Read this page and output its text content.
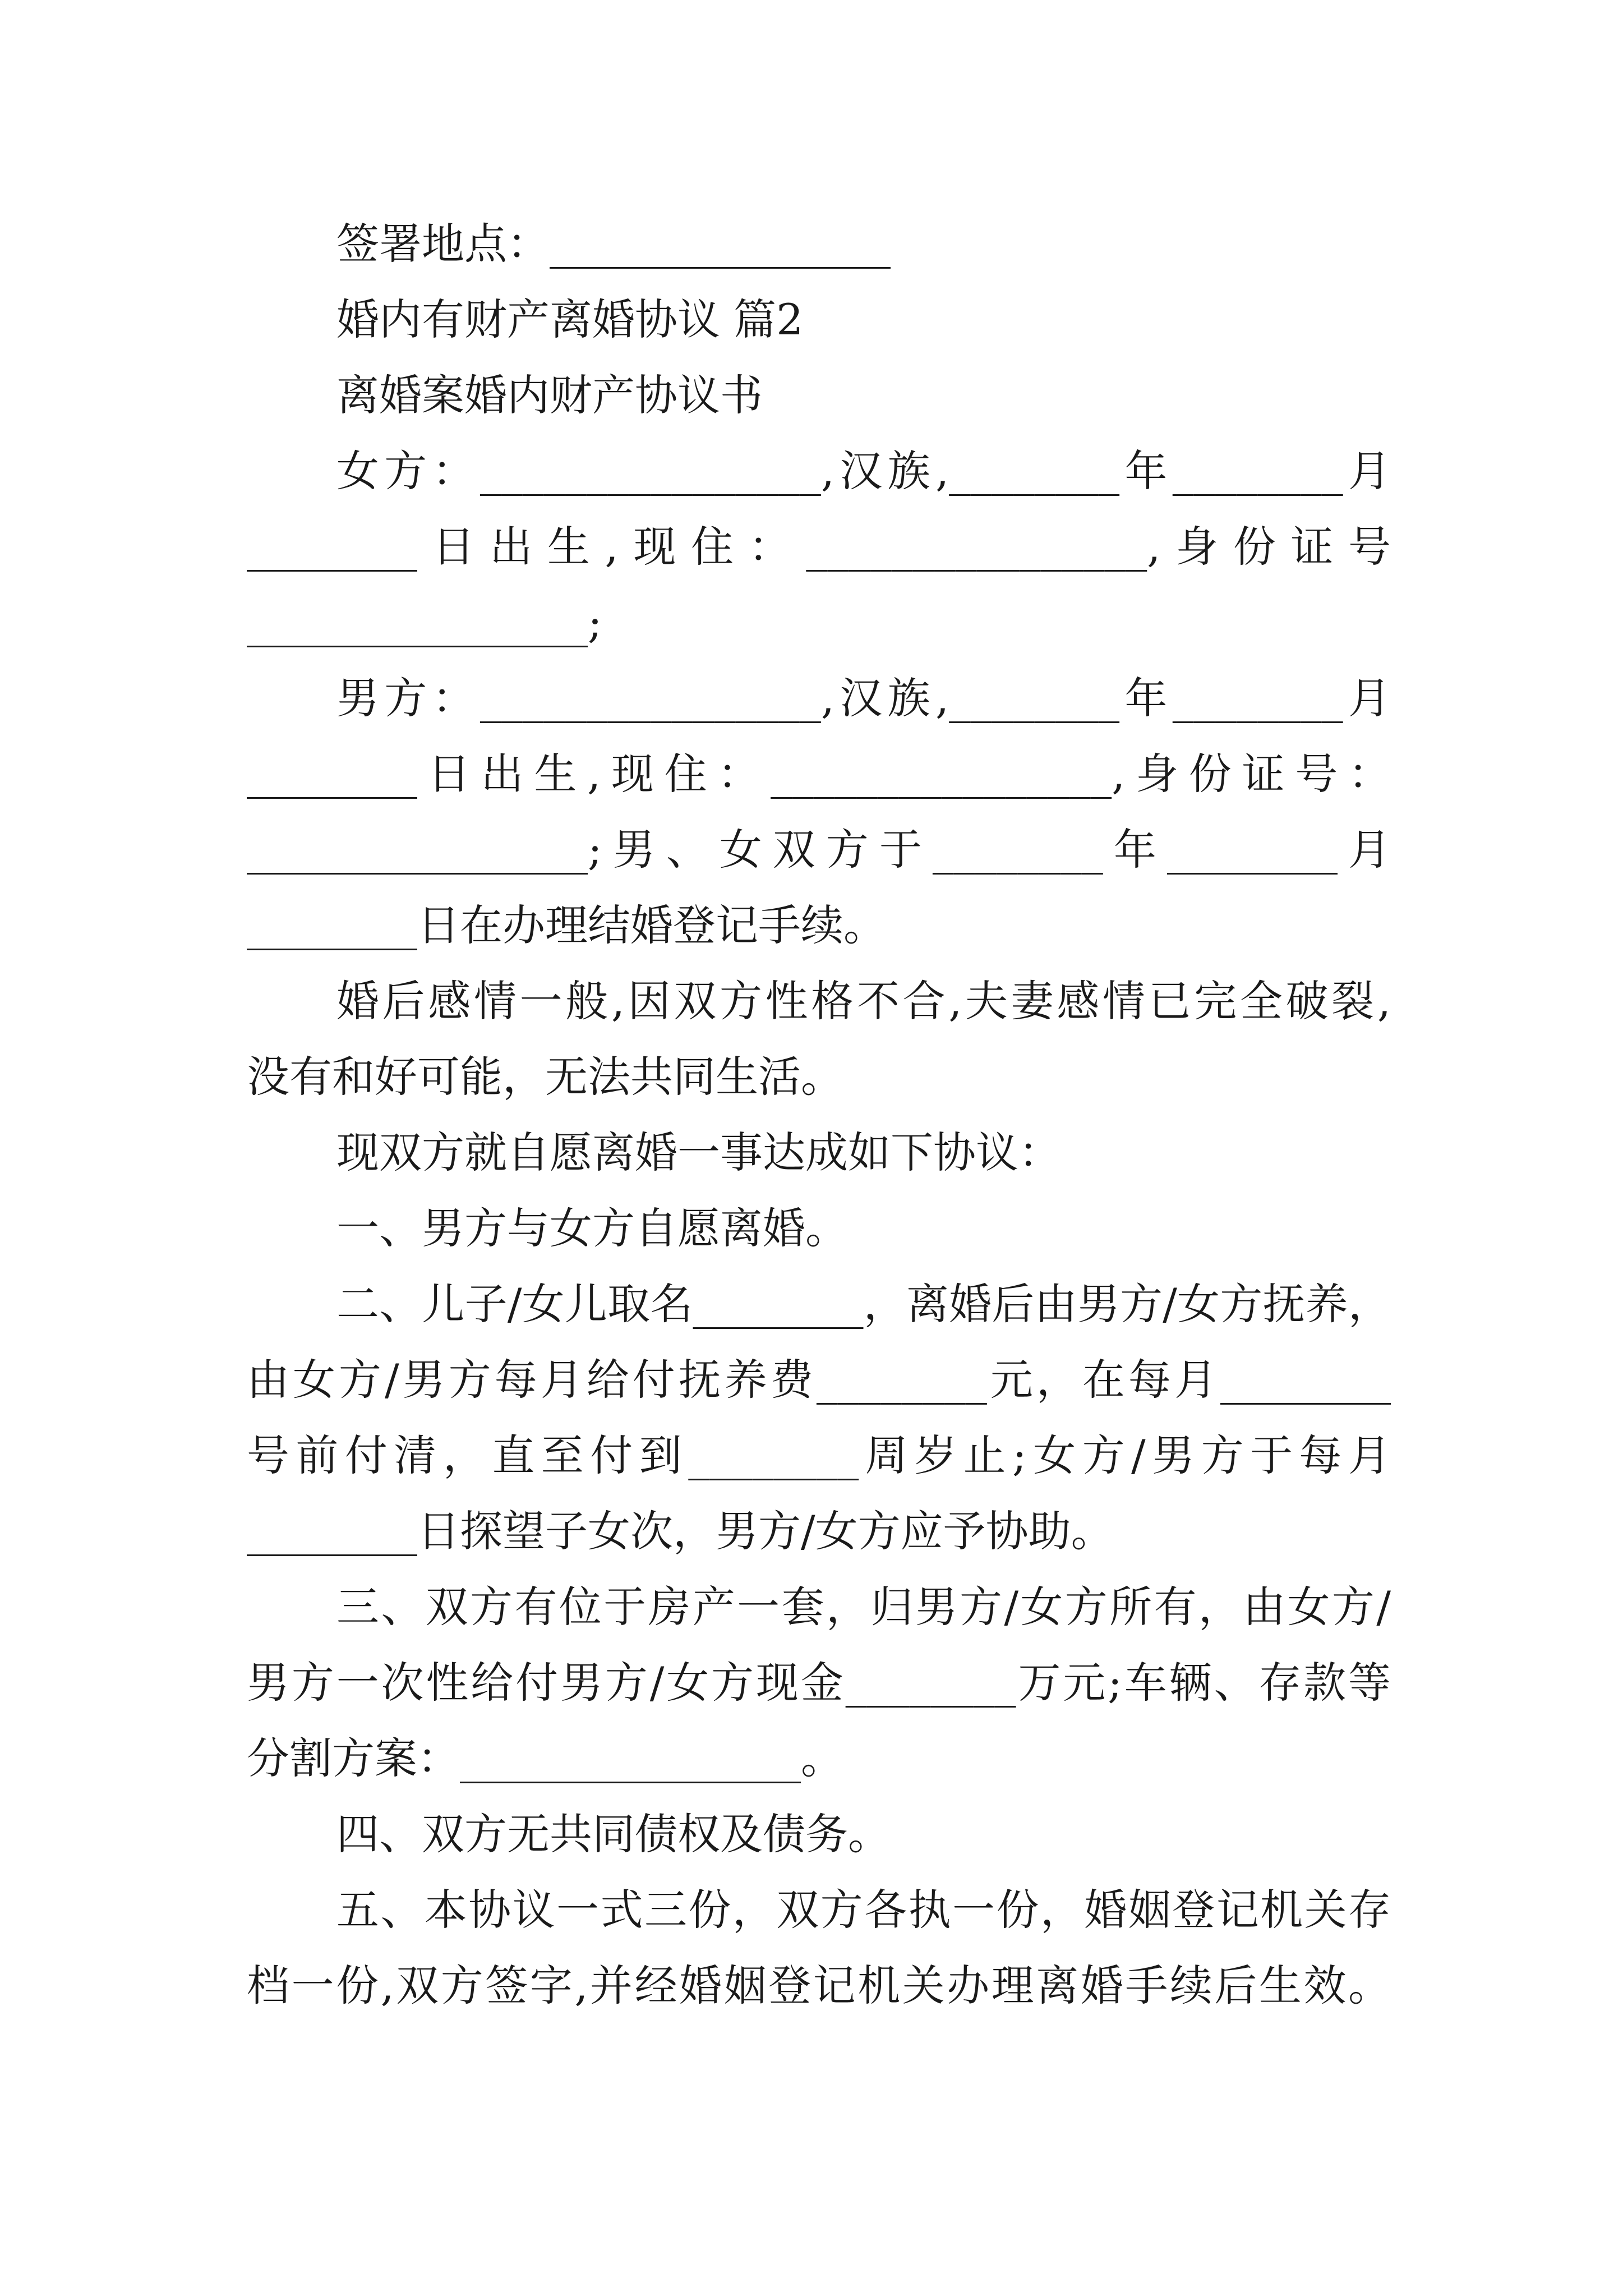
签署地点：________________
婚内有财产离婚协议 篇2
离婚案婚内财产协议书
女方：________________,汉族,________年________月
________日出生,现住：________________,身份证号
________________;
男方：________________,汉族,________年________月
________日出生,现住：________________,身份证号：
________________;男、女双方于________年________月
________日在办理结婚登记手续。
婚后感情一般,因双方性格不合,夫妻感情已完全破裂,
没有和好可能，无法共同生活。
现双方就自愿离婚一事达成如下协议：
一、男方与女方自愿离婚。
二、儿子/女儿取名________，离婚后由男方/女方抚养，
由女方/男方每月给付抚养费________元，在每月________
号前付清，直至付到________周岁止;女方/男方于每月
________日探望子女次，男方/女方应予协助。
三、双方有位于房产一套，归男方/女方所有，由女方/
男方一次性给付男方/女方现金________万元;车辆、存款等
分割方案：________________。
四、双方无共同债权及债务。
五、本协议一式三份，双方各执一份，婚姻登记机关存
档一份,双方签字,并经婚姻登记机关办理离婚手续后生效。
